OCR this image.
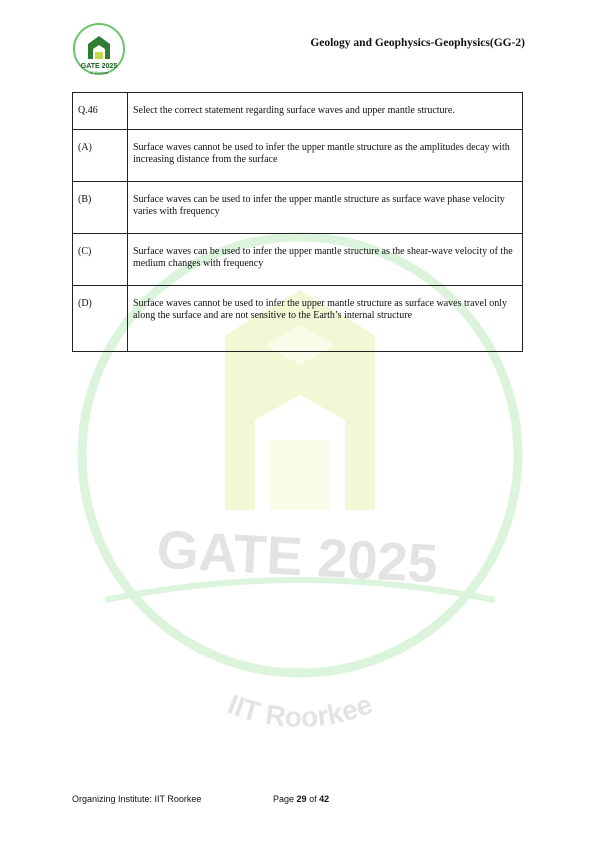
GATE 2025
IIT Roorkee
GATE 2025
IIT Roorkee
Geology and Geophysics-Geophysics(GG-2)
Q.46	Select the correct statement regarding surface waves and upper mantle structure.
(A)	Surface waves cannot be used to infer the upper mantle structure as the amplitudes decay with increasing distance from the surface
(B)	Surface waves can be used to infer the upper mantle structure as surface wave phase velocity varies with frequency
(C)	Surface waves can be used to infer the upper mantle structure as the shear-wave velocity of the medium changes with frequency
(D)	Surface waves cannot be used to infer the upper mantle structure as surface waves travel only along the surface and are not sensitive to the Earth’s internal structure
Organizing Institute: IIT Roorkee	Page 29 of 42
